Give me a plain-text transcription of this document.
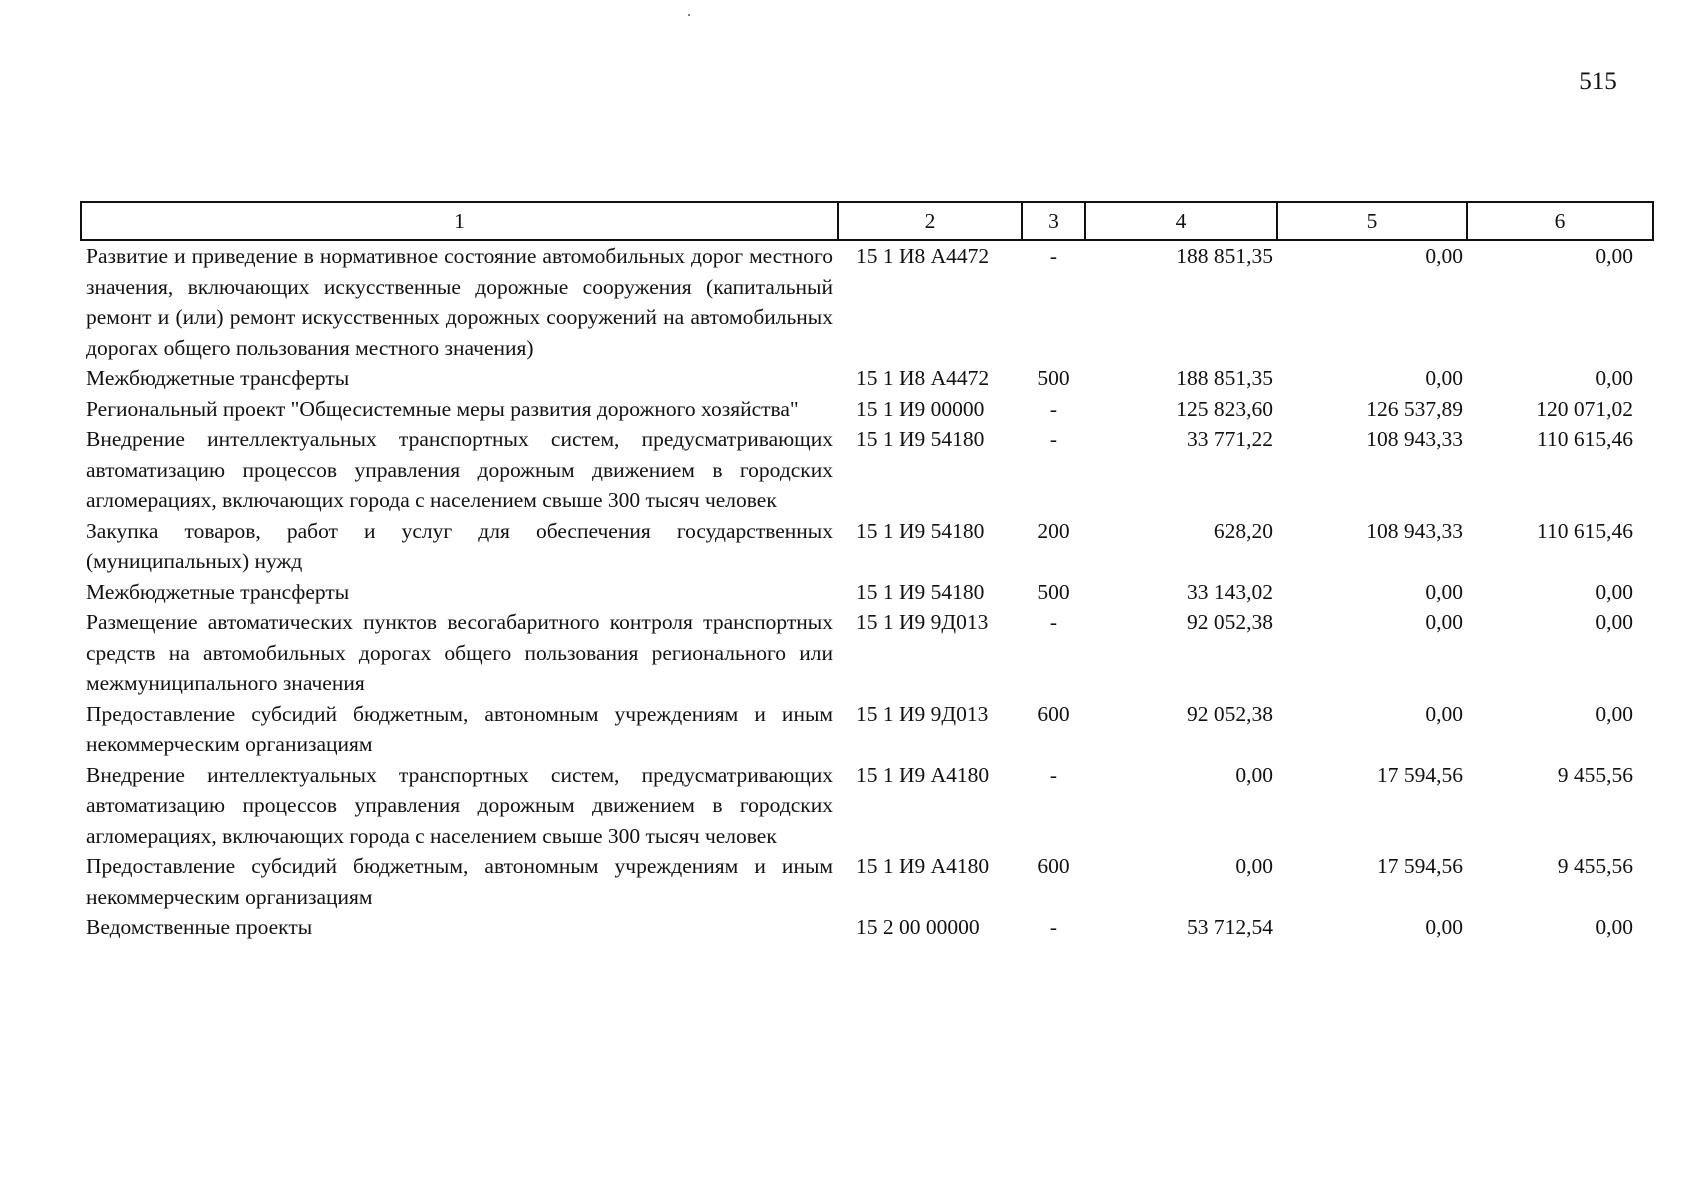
515
1	2	3	4	5	6
Развитие и приведение в нормативное состояние автомобильных дорог местного значения, включающих искусственные дорожные сооружения (капитальный ремонт и (или) ремонт искусственных дорожных сооружений на автомобильных дорогах общего пользования местного значения)	15 1 И8 А4472	-	188 851,35	0,00	0,00
Межбюджетные трансферты	15 1 И8 А4472	500	188 851,35	0,00	0,00
Региональный проект "Общесистемные меры развития дорожного хозяйства"	15 1 И9 00000	-	125 823,60	126 537,89	120 071,02
Внедрение интеллектуальных транспортных систем, предусматривающих автоматизацию процессов управления дорожным движением в городских агломерациях, включающих города с населением свыше 300 тысяч человек	15 1 И9 54180	-	33 771,22	108 943,33	110 615,46
Закупка товаров, работ и услуг для обеспечения государственных (муниципальных) нужд	15 1 И9 54180	200	628,20	108 943,33	110 615,46
Межбюджетные трансферты	15 1 И9 54180	500	33 143,02	0,00	0,00
Размещение автоматических пунктов весогабаритного контроля транспортных средств на автомобильных дорогах общего пользования регионального или межмуниципального значения	15 1 И9 9Д013	-	92 052,38	0,00	0,00
Предоставление субсидий бюджетным, автономным учреждениям и иным некоммерческим организациям	15 1 И9 9Д013	600	92 052,38	0,00	0,00
Внедрение интеллектуальных транспортных систем, предусматривающих автоматизацию процессов управления дорожным движением в городских агломерациях, включающих города с населением свыше 300 тысяч человек	15 1 И9 А4180	-	0,00	17 594,56	9 455,56
Предоставление субсидий бюджетным, автономным учреждениям и иным некоммерческим организациям	15 1 И9 А4180	600	0,00	17 594,56	9 455,56
Ведомственные проекты	15 2 00 00000	-	53 712,54	0,00	0,00
